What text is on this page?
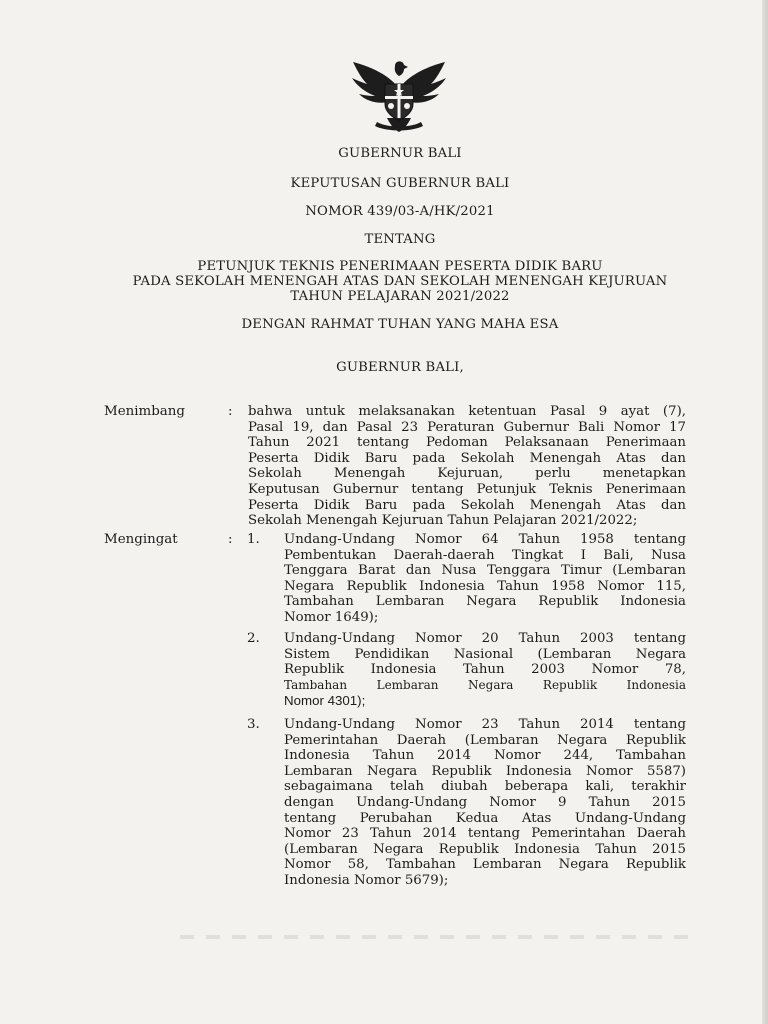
GUBERNUR BALI
KEPUTUSAN GUBERNUR BALI
NOMOR 439/03-A/HK/2021
TENTANG
PETUNJUK TEKNIS PENERIMAAN PESERTA DIDIK BARU
PADA SEKOLAH MENENGAH ATAS DAN SEKOLAH MENENGAH KEJURUAN
TAHUN PELAJARAN 2021/2022
DENGAN RAHMAT TUHAN YANG MAHA ESA
GUBERNUR BALI,
Menimbang	: bahwa untuk melaksanakan ketentuan Pasal 9 ayat (7),
Pasal 19, dan Pasal 23 Peraturan Gubernur Bali Nomor 17
Tahun 2021 tentang Pedoman Pelaksanaan Penerimaan
Peserta Didik Baru pada Sekolah Menengah Atas dan
Sekolah Menengah Kejuruan, perlu menetapkan
Keputusan Gubernur tentang Petunjuk Teknis Penerimaan
Peserta Didik Baru pada Sekolah Menengah Atas dan
Sekolah Menengah Kejuruan Tahun Pelajaran 2021/2022;
Mengingat	: 1. Undang-Undang Nomor 64 Tahun 1958 tentang
Pembentukan Daerah-daerah Tingkat I Bali, Nusa
Tenggara Barat dan Nusa Tenggara Timur (Lembaran
Negara Republik Indonesia Tahun 1958 Nomor 115,
Tambahan Lembaran Negara Republik Indonesia
Nomor 1649);
2. Undang-Undang Nomor 20 Tahun 2003 tentang
Sistem Pendidikan Nasional (Lembaran Negara
Republik Indonesia Tahun 2003 Nomor 78,
Tambahan Lembaran Negara Republik Indonesia
Nomor 4301);
3. Undang-Undang Nomor 23 Tahun 2014 tentang
Pemerintahan Daerah (Lembaran Negara Republik
Indonesia Tahun 2014 Nomor 244, Tambahan
Lembaran Negara Republik Indonesia Nomor 5587)
sebagaimana telah diubah beberapa kali, terakhir
dengan Undang-Undang Nomor 9 Tahun 2015
tentang Perubahan Kedua Atas Undang-Undang
Nomor 23 Tahun 2014 tentang Pemerintahan Daerah
(Lembaran Negara Republik Indonesia Tahun 2015
Nomor 58, Tambahan Lembaran Negara Republik
Indonesia Nomor 5679);
